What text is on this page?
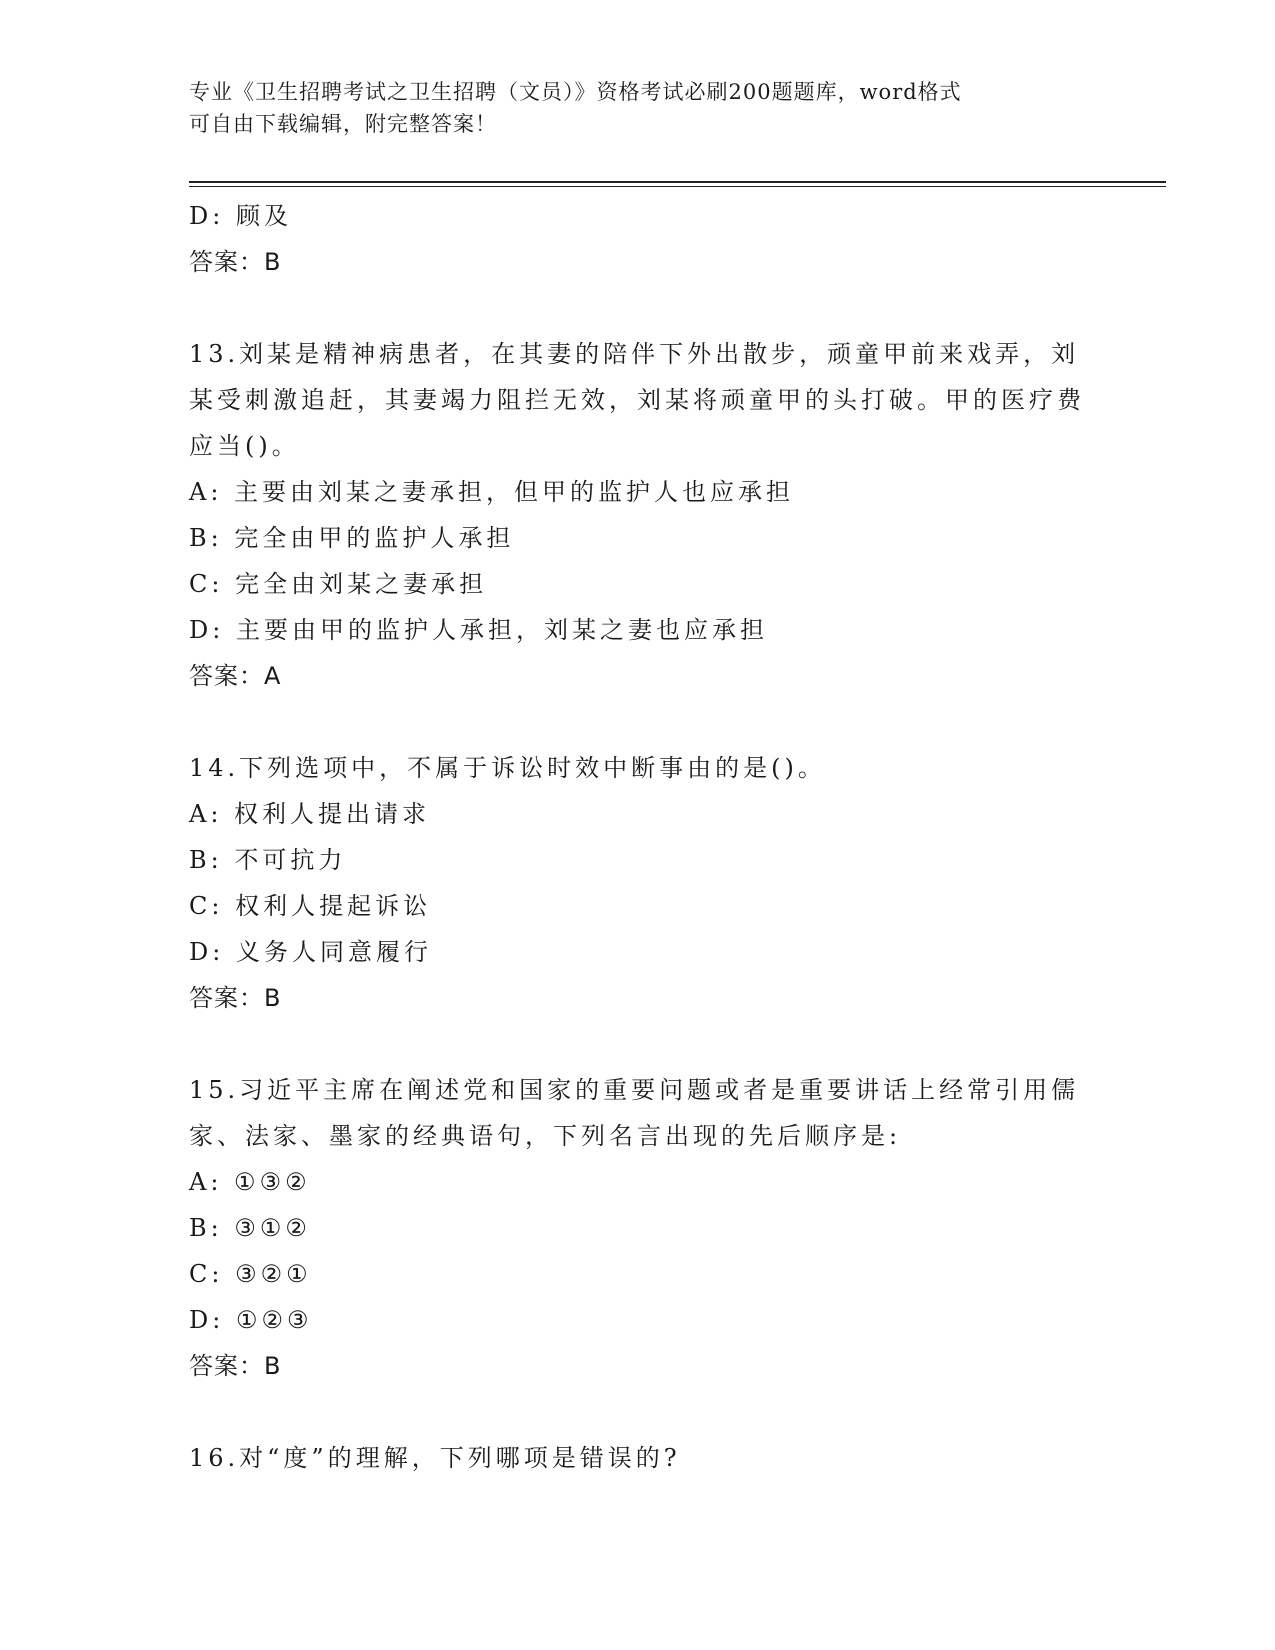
专业《卫生招聘考试之卫生招聘（文员）》资格考试必刷200题题库，word格式
可自由下载编辑，附完整答案！
D: 顾及
答案：B
13.刘某是精神病患者，在其妻的陪伴下外出散步，顽童甲前来戏弄，刘某受刺激追赶，其妻竭力阻拦无效，刘某将顽童甲的头打破。甲的医疗费应当()。
A: 主要由刘某之妻承担，但甲的监护人也应承担
B: 完全由甲的监护人承担
C: 完全由刘某之妻承担
D: 主要由甲的监护人承担，刘某之妻也应承担
答案：A
14.下列选项中，不属于诉讼时效中断事由的是()。
A: 权利人提出请求
B: 不可抗力
C: 权利人提起诉讼
D: 义务人同意履行
答案：B
15.习近平主席在阐述党和国家的重要问题或者是重要讲话上经常引用儒家、法家、墨家的经典语句，下列名言出现的先后顺序是:
A: ①③②
B: ③①②
C: ③②①
D: ①②③
答案：B
16.对“度”的理解，下列哪项是错误的?
